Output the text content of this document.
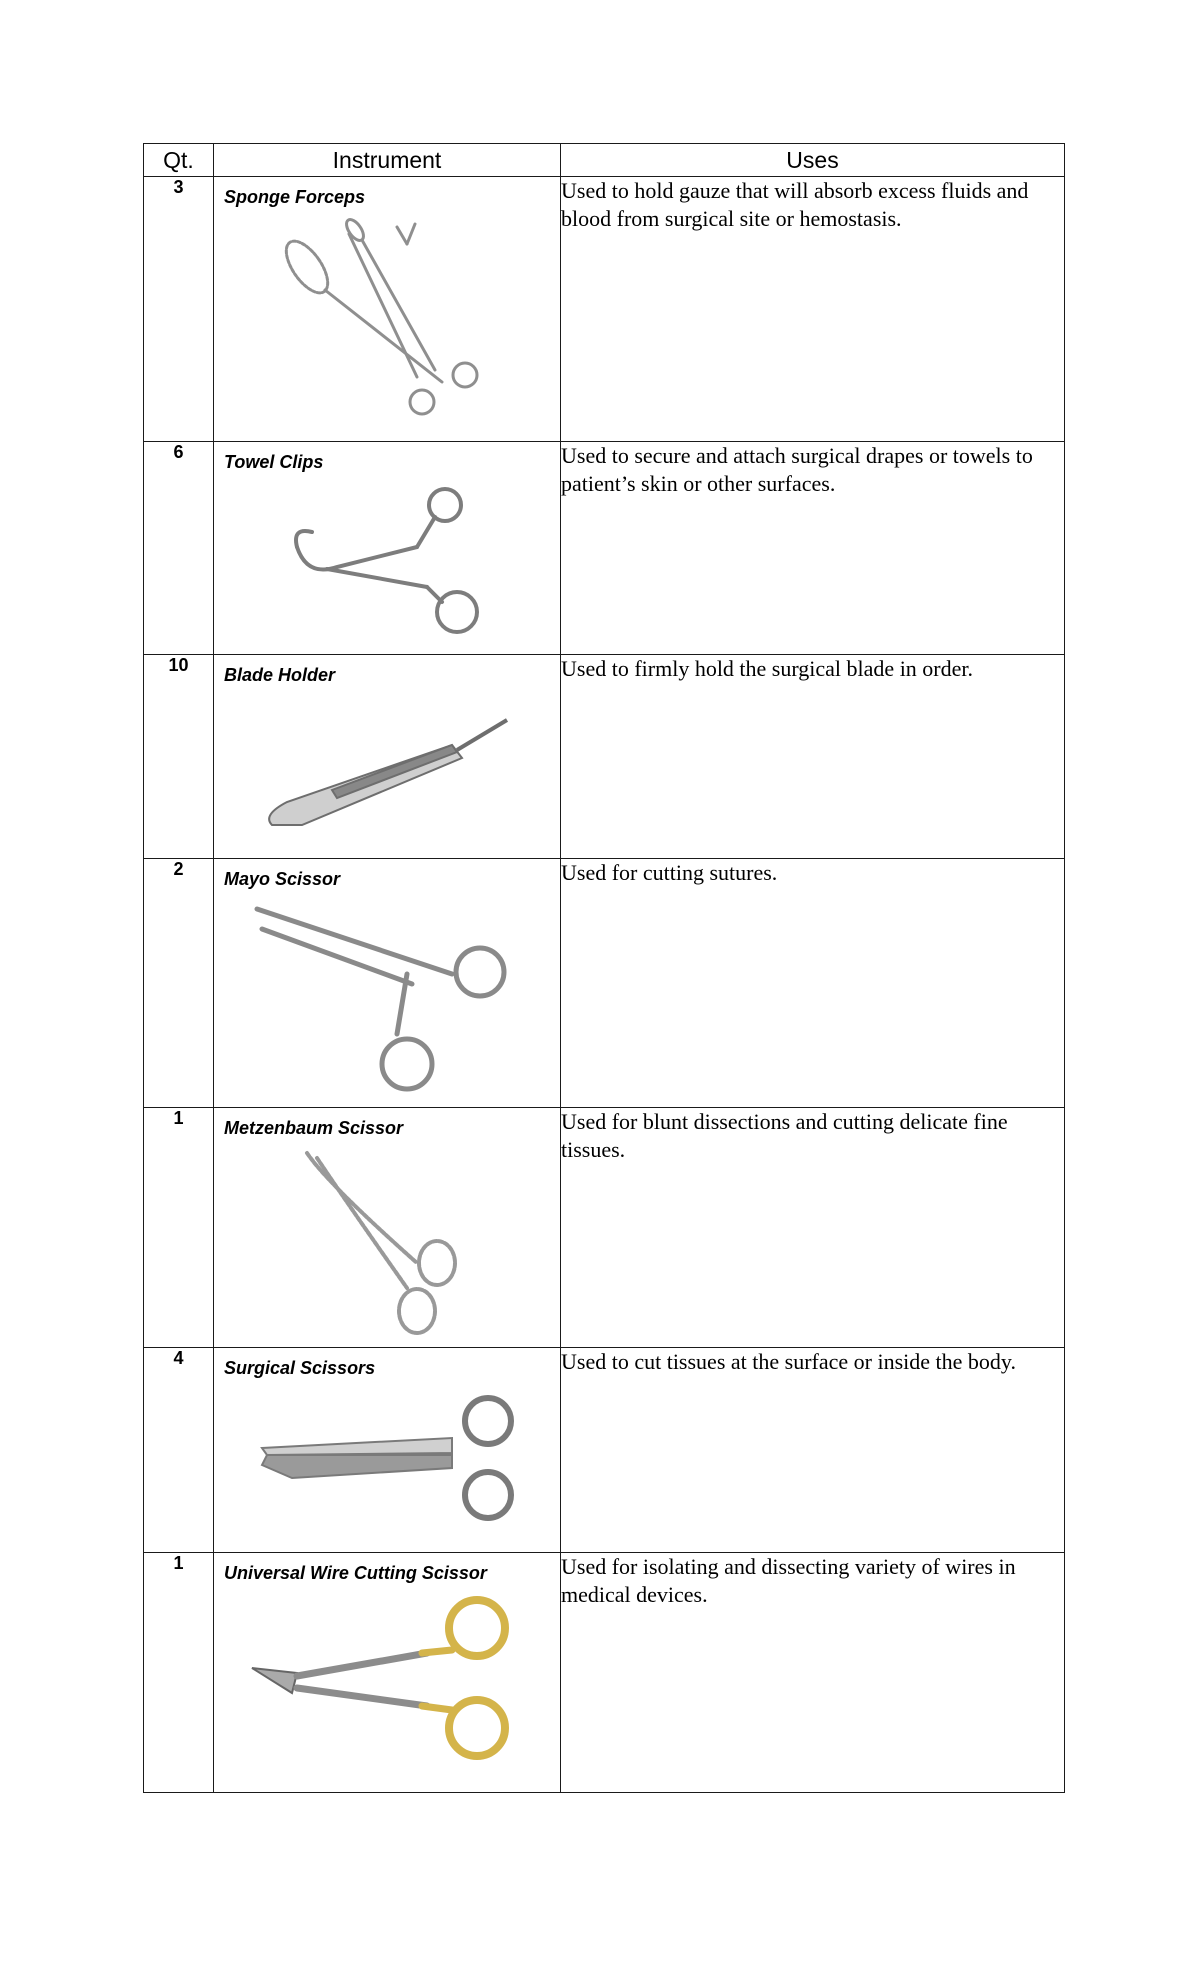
Qt.	Instrument	Uses
3	Sponge Forceps	Used to hold gauze that will absorb excess fluids and blood from surgical site or hemostasis.
6	Towel Clips	Used to secure and attach surgical drapes or towels to patient’s skin or other surfaces.
10	Blade Holder	Used to firmly hold the surgical blade in order.
2	Mayo Scissor	Used for cutting sutures.
1	Metzenbaum Scissor	Used for blunt dissections and cutting delicate fine tissues.
4	Surgical Scissors	Used to cut tissues at the surface or inside the body.
1	Universal Wire Cutting Scissor	Used for isolating and dissecting variety of wires in medical devices.
